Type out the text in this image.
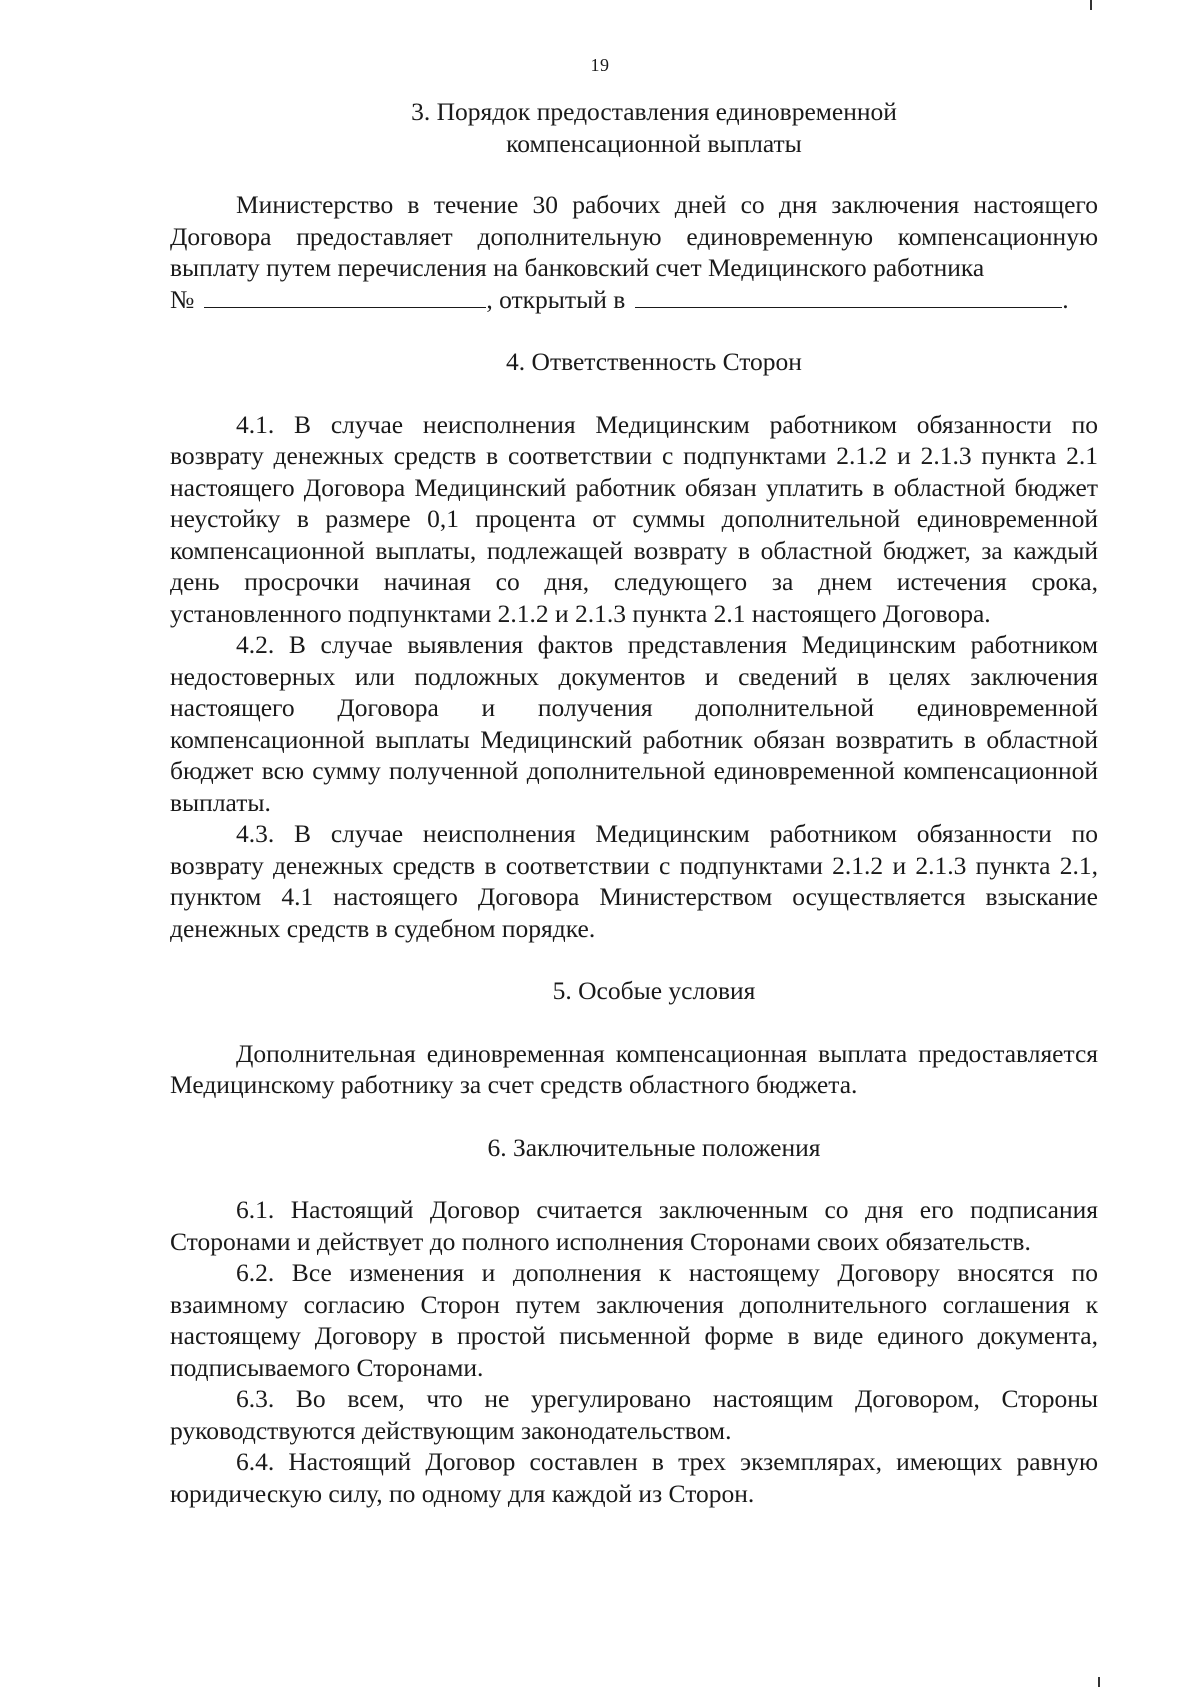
19
3. Порядок предоставления единовременной
компенсационной выплаты

Министерство в течение 30 рабочих дней со дня заключения настоящего Договора предоставляет дополнительную единовременную компенсационную выплату путем перечисления на банковский счет Медицинского работника

№	, открытый в	.
4. Ответственность Сторон

4.1. В случае неисполнения Медицинским работником обязанности по возврату денежных средств в соответствии с подпунктами 2.1.2 и 2.1.3 пункта 2.1 настоящего Договора Медицинский работник обязан уплатить в областной бюджет неустойку в размере 0,1 процента от суммы дополнительной единовременной компенсационной выплаты, подлежащей возврату в областной бюджет, за каждый день просрочки начиная со дня, следующего за днем истечения срока, установленного подпунктами 2.1.2 и 2.1.3 пункта 2.1 настоящего Договора.

4.2. В случае выявления фактов представления Медицинским работником недостоверных или подложных документов и сведений в целях заключения настоящего Договора и получения дополнительной единовременной компенсационной выплаты Медицинский работник обязан возвратить в областной бюджет всю сумму полученной дополнительной единовременной компенсационной выплаты.

4.3. В случае неисполнения Медицинским работником обязанности по возврату денежных средств в соответствии с подпунктами 2.1.2 и 2.1.3 пункта 2.1, пунктом 4.1 настоящего Договора Министерством осуществляется взыскание денежных средств в судебном порядке.

5. Особые условия

Дополнительная единовременная компенсационная выплата предоставляется Медицинскому работнику за счет средств областного бюджета.

6. Заключительные положения

6.1. Настоящий Договор считается заключенным со дня его подписания Сторонами и действует до полного исполнения Сторонами своих обязательств.

6.2. Все изменения и дополнения к настоящему Договору вносятся по взаимному согласию Сторон путем заключения дополнительного соглашения к настоящему Договору в простой письменной форме в виде единого документа, подписываемого Сторонами.

6.3. Во всем, что не урегулировано настоящим Договором, Стороны руководствуются действующим законодательством.

6.4. Настоящий Договор составлен в трех экземплярах, имеющих равную юридическую силу, по одному для каждой из Сторон.
